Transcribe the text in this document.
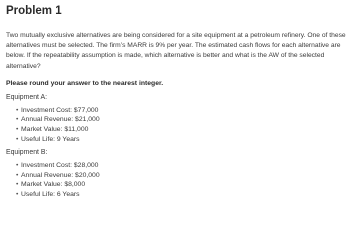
Problem 1

Two mutually exclusive alternatives are being considered for a site equipment at a petroleum refinery. One of these alternatives must be selected. The firm’s MARR is 9% per year. The estimated cash flows for each alternative are below. If the repeatability assumption is made, which alternative is better and what is the AW of the selected alternative?

Please round your answer to the nearest integer.

Equipment A:
• Investment Cost: $77,000
• Annual Revenue: $21,000
• Market Value: $11,000
• Useful Life: 9 Years
Equipment B:
• Investment Cost: $28,000
• Annual Revenue: $20,000
• Market Value: $8,000
• Useful Life: 6 Years
